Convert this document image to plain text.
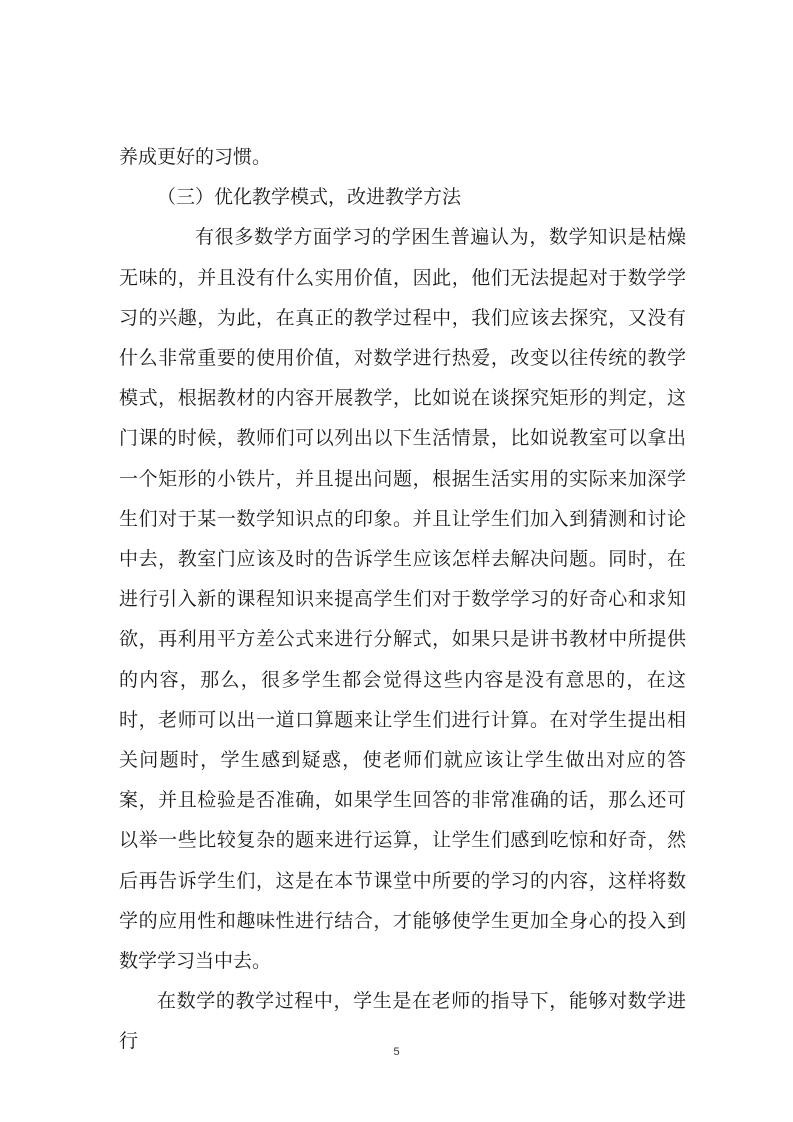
养成更好的习惯。

（三）优化教学模式，改进教学方法

有很多数学方面学习的学困生普遍认为，数学知识是枯燥无味的，并且没有什么实用价值，因此，他们无法提起对于数学学习的兴趣，为此，在真正的教学过程中，我们应该去探究，又没有什么非常重要的使用价值，对数学进行热爱，改变以往传统的教学模式，根据教材的内容开展教学，比如说在谈探究矩形的判定，这门课的时候，教师们可以列出以下生活情景，比如说教室可以拿出一个矩形的小铁片，并且提出问题，根据生活实用的实际来加深学生们对于某一数学知识点的印象。并且让学生们加入到猜测和讨论中去，教室门应该及时的告诉学生应该怎样去解决问题。同时，在进行引入新的课程知识来提高学生们对于数学学习的好奇心和求知欲，再利用平方差公式来进行分解式，如果只是讲书教材中所提供的内容，那么，很多学生都会觉得这些内容是没有意思的，在这时，老师可以出一道口算题来让学生们进行计算。在对学生提出相关问题时，学生感到疑惑，使老师们就应该让学生做出对应的答案，并且检验是否准确，如果学生回答的非常准确的话，那么还可以举一些比较复杂的题来进行运算，让学生们感到吃惊和好奇，然后再告诉学生们，这是在本节课堂中所要的学习的内容，这样将数学的应用性和趣味性进行结合，才能够使学生更加全身心的投入到数学学习当中去。

在数学的教学过程中，学生是在老师的指导下，能够对数学进行	5
